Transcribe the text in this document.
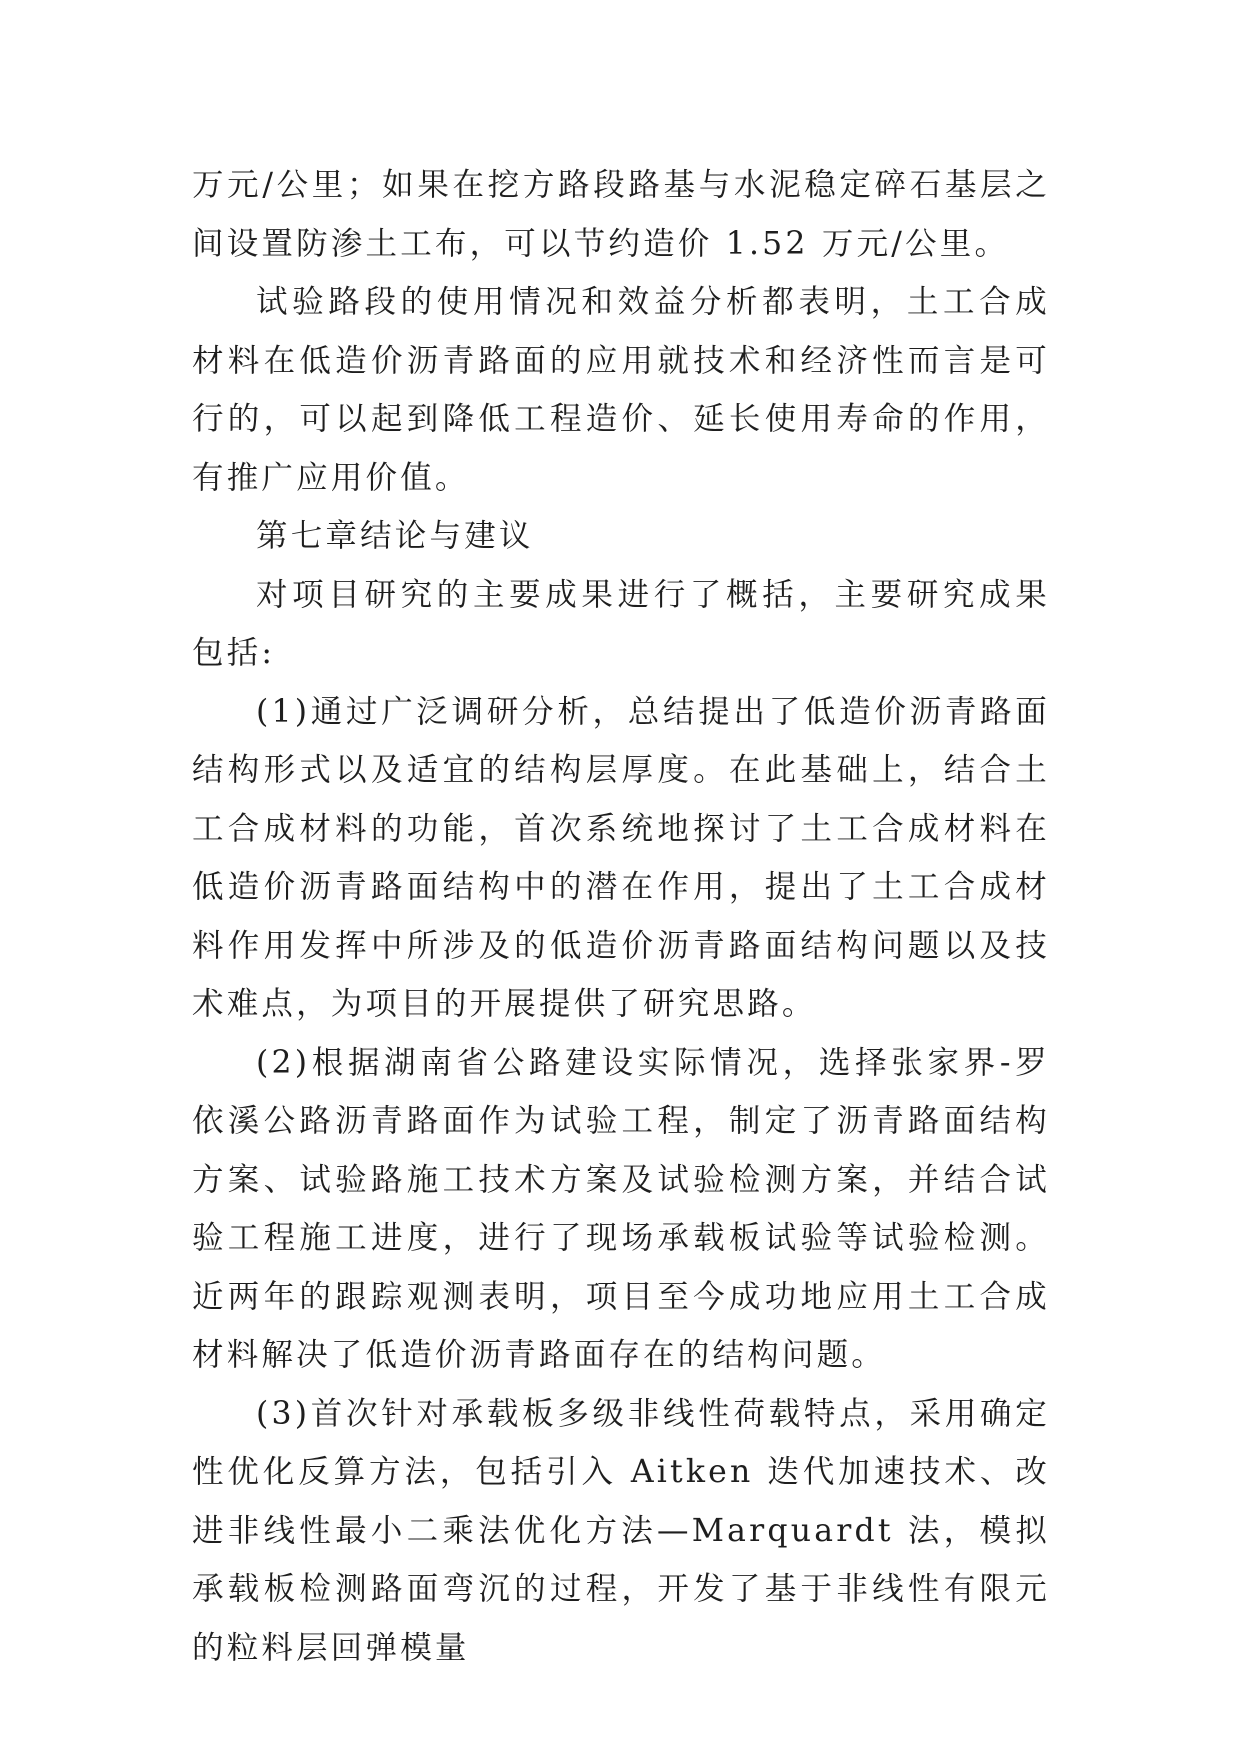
万元/公里；如果在挖方路段路基与水泥稳定碎石基层之间设置防渗土工布，可以节约造价 1.52 万元/公里。

试验路段的使用情况和效益分析都表明，土工合成材料在低造价沥青路面的应用就技术和经济性而言是可行的，可以起到降低工程造价、延长使用寿命的作用，有推广应用价值。

第七章结论与建议

对项目研究的主要成果进行了概括，主要研究成果包括:

(1)通过广泛调研分析，总结提出了低造价沥青路面结构形式以及适宜的结构层厚度。在此基础上，结合土工合成材料的功能，首次系统地探讨了土工合成材料在低造价沥青路面结构中的潜在作用，提出了土工合成材料作用发挥中所涉及的低造价沥青路面结构问题以及技术难点，为项目的开展提供了研究思路。

(2)根据湖南省公路建设实际情况，选择张家界-罗依溪公路沥青路面作为试验工程，制定了沥青路面结构方案、试验路施工技术方案及试验检测方案，并结合试验工程施工进度，进行了现场承载板试验等试验检测。近两年的跟踪观测表明，项目至今成功地应用土工合成材料解决了低造价沥青路面存在的结构问题。

(3)首次针对承载板多级非线性荷载特点，采用确定性优化反算方法，包括引入 Aitken 迭代加速技术、改进非线性最小二乘法优化方法—Marquardt 法，模拟承载板检测路面弯沉的过程，开发了基于非线性有限元的粒料层回弹模量
